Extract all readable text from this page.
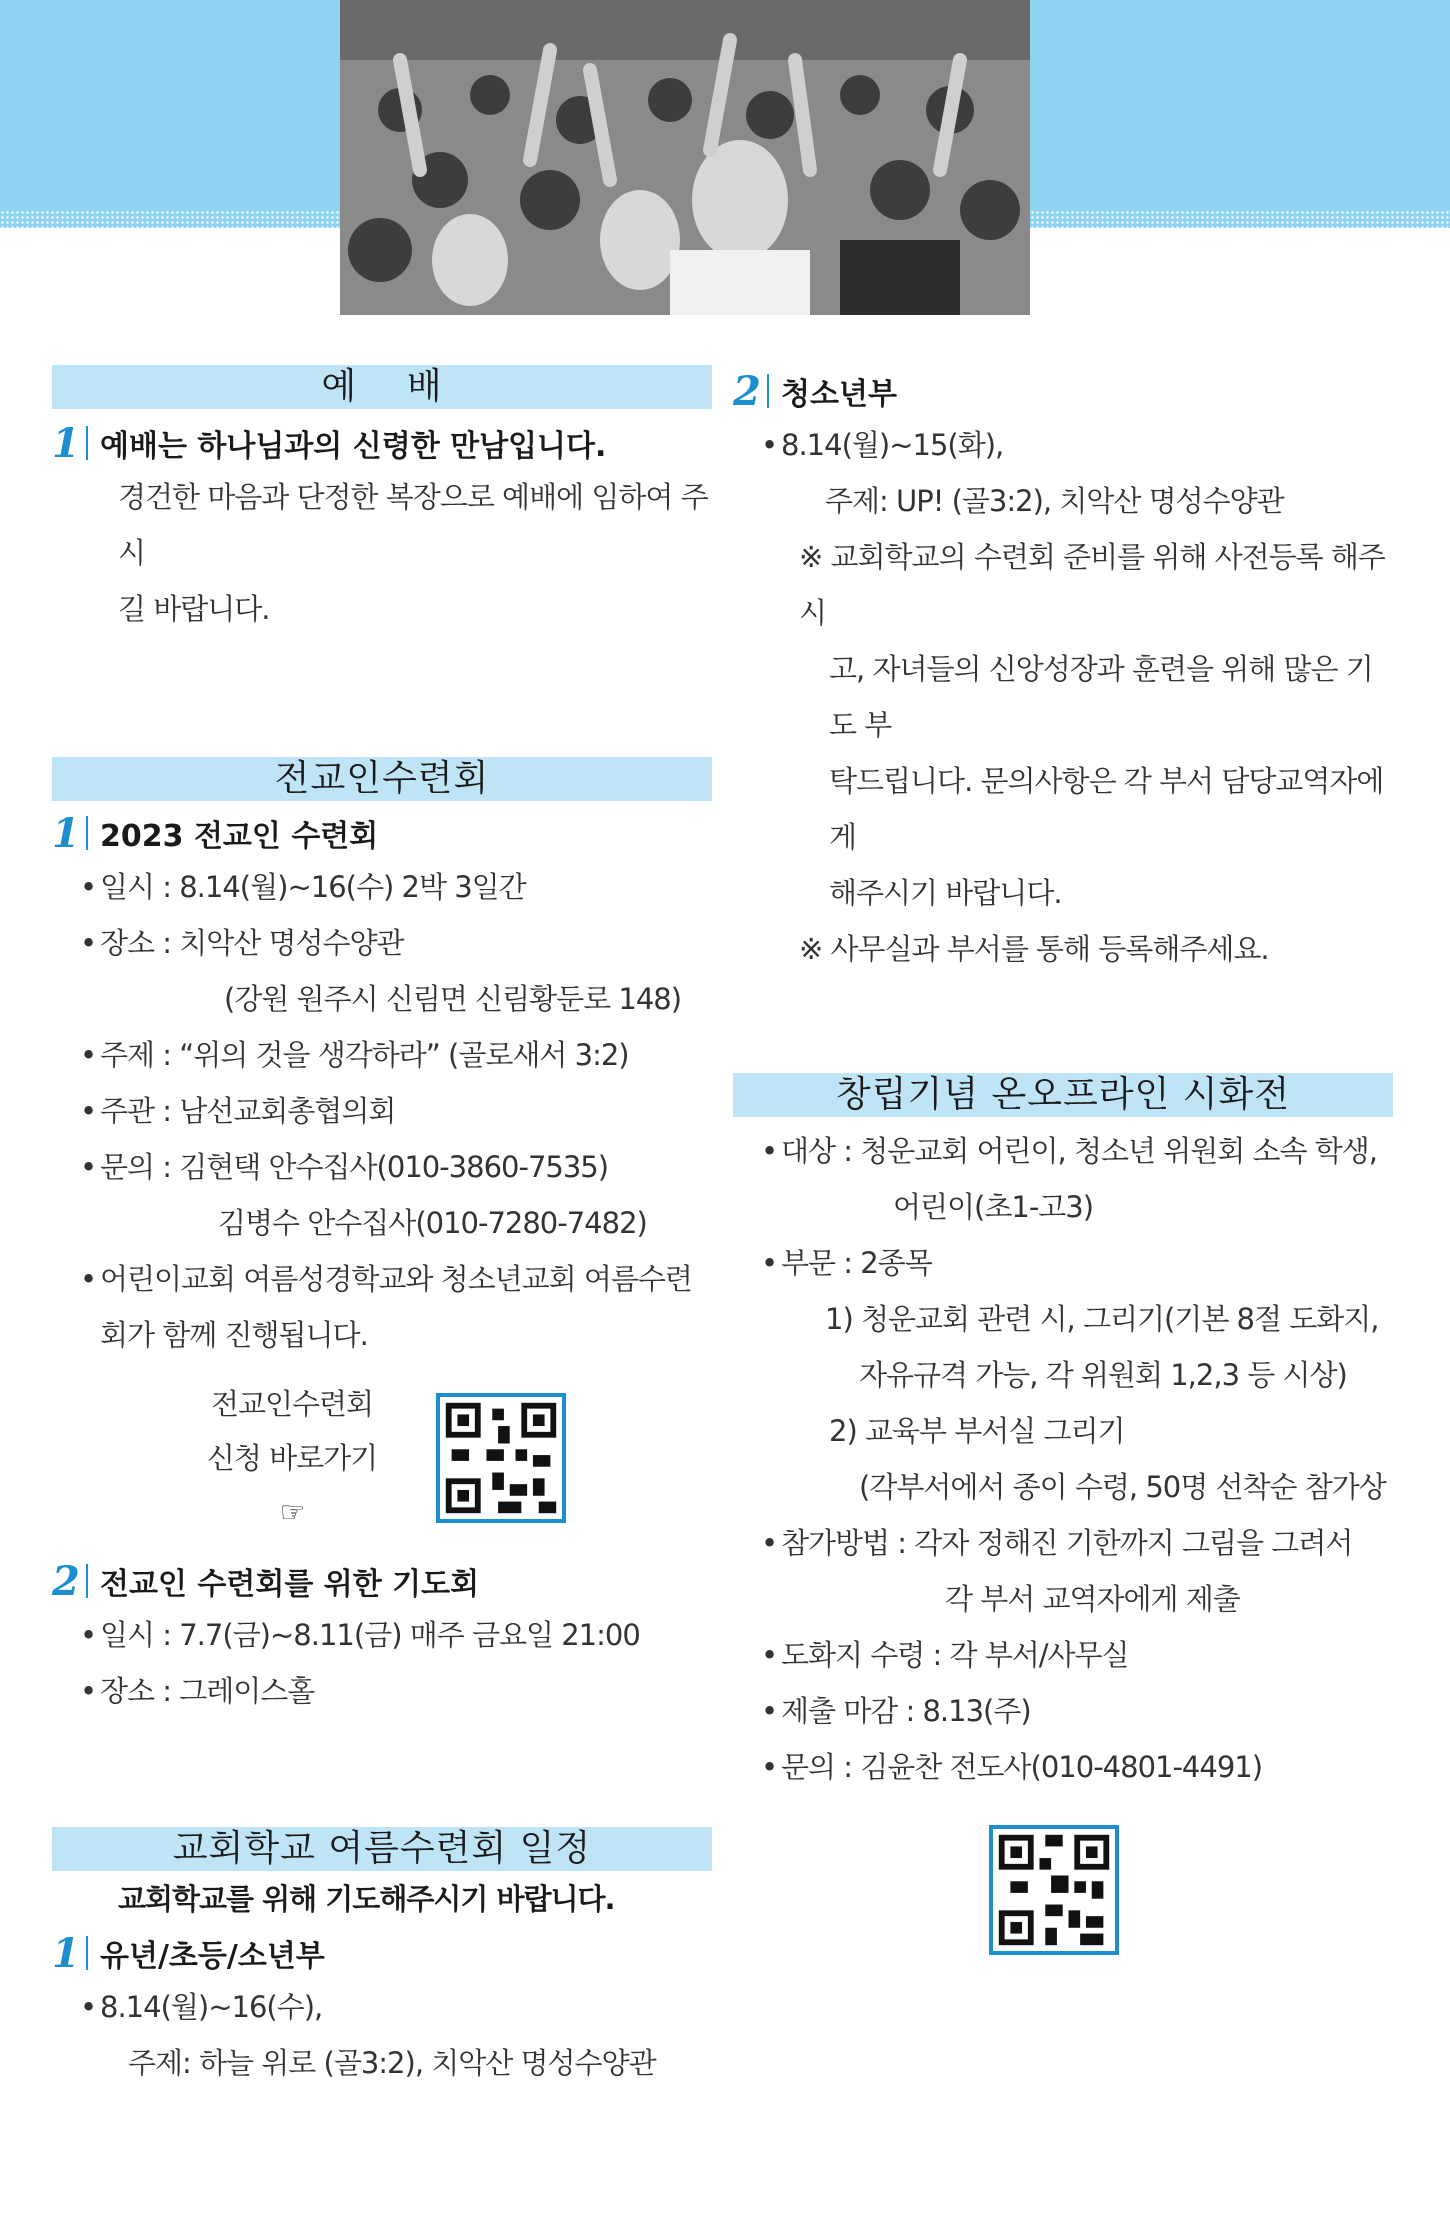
예    배
1 예배는 하나님과의 신령한 만남입니다.
경건한 마음과 단정한 복장으로 예배에 임하여 주시
길 바랍니다.
전교인수련회
1 2023 전교인 수련회
• 일시 : 8.14(월)~16(수) 2박 3일간
• 장소 : 치악산 명성수양관
(강원 원주시 신림면 신림황둔로 148)
• 주제 : “위의 것을 생각하라” (골로새서 3:2)
• 주관 : 남선교회총협의회
• 문의 : 김현택 안수집사(010-3860-7535)
김병수 안수집사(010-7280-7482)
• 어린이교회 여름성경학교와 청소년교회 여름수련
회가 함께 진행됩니다.
전교인수련회
신청 바로가기 ☞
2 전교인 수련회를 위한 기도회
• 일시 : 7.7(금)~8.11(금) 매주 금요일 21:00
• 장소 : 그레이스홀
교회학교 여름수련회 일정
교회학교를 위해 기도해주시기 바랍니다.
1 유년/초등/소년부
• 8.14(월)~16(수),
주제: 하늘 위로 (골3:2), 치악산 명성수양관
2 청소년부
• 8.14(월)~15(화),
주제: UP! (골3:2), 치악산 명성수양관
※ 교회학교의 수련회 준비를 위해 사전등록 해주시
고, 자녀들의 신앙성장과 훈련을 위해 많은 기도 부
탁드립니다. 문의사항은 각 부서 담당교역자에게
해주시기 바랍니다.
※ 사무실과 부서를 통해 등록해주세요.
창립기념 온오프라인 시화전
• 대상 : 청운교회 어린이, 청소년 위원회 소속 학생,
어린이(초1-고3)
• 부문 : 2종목
1) 청운교회 관련 시, 그리기(기본 8절 도화지,
자유규격 가능, 각 위원회 1,2,3 등 시상)
2) 교육부 부서실 그리기
(각부서에서 종이 수령, 50명 선착순 참가상
• 참가방법 : 각자 정해진 기한까지 그림을 그려서
각 부서 교역자에게 제출
• 도화지 수령 : 각 부서/사무실
• 제출 마감 : 8.13(주)
• 문의 : 김윤찬 전도사(010-4801-4491)
